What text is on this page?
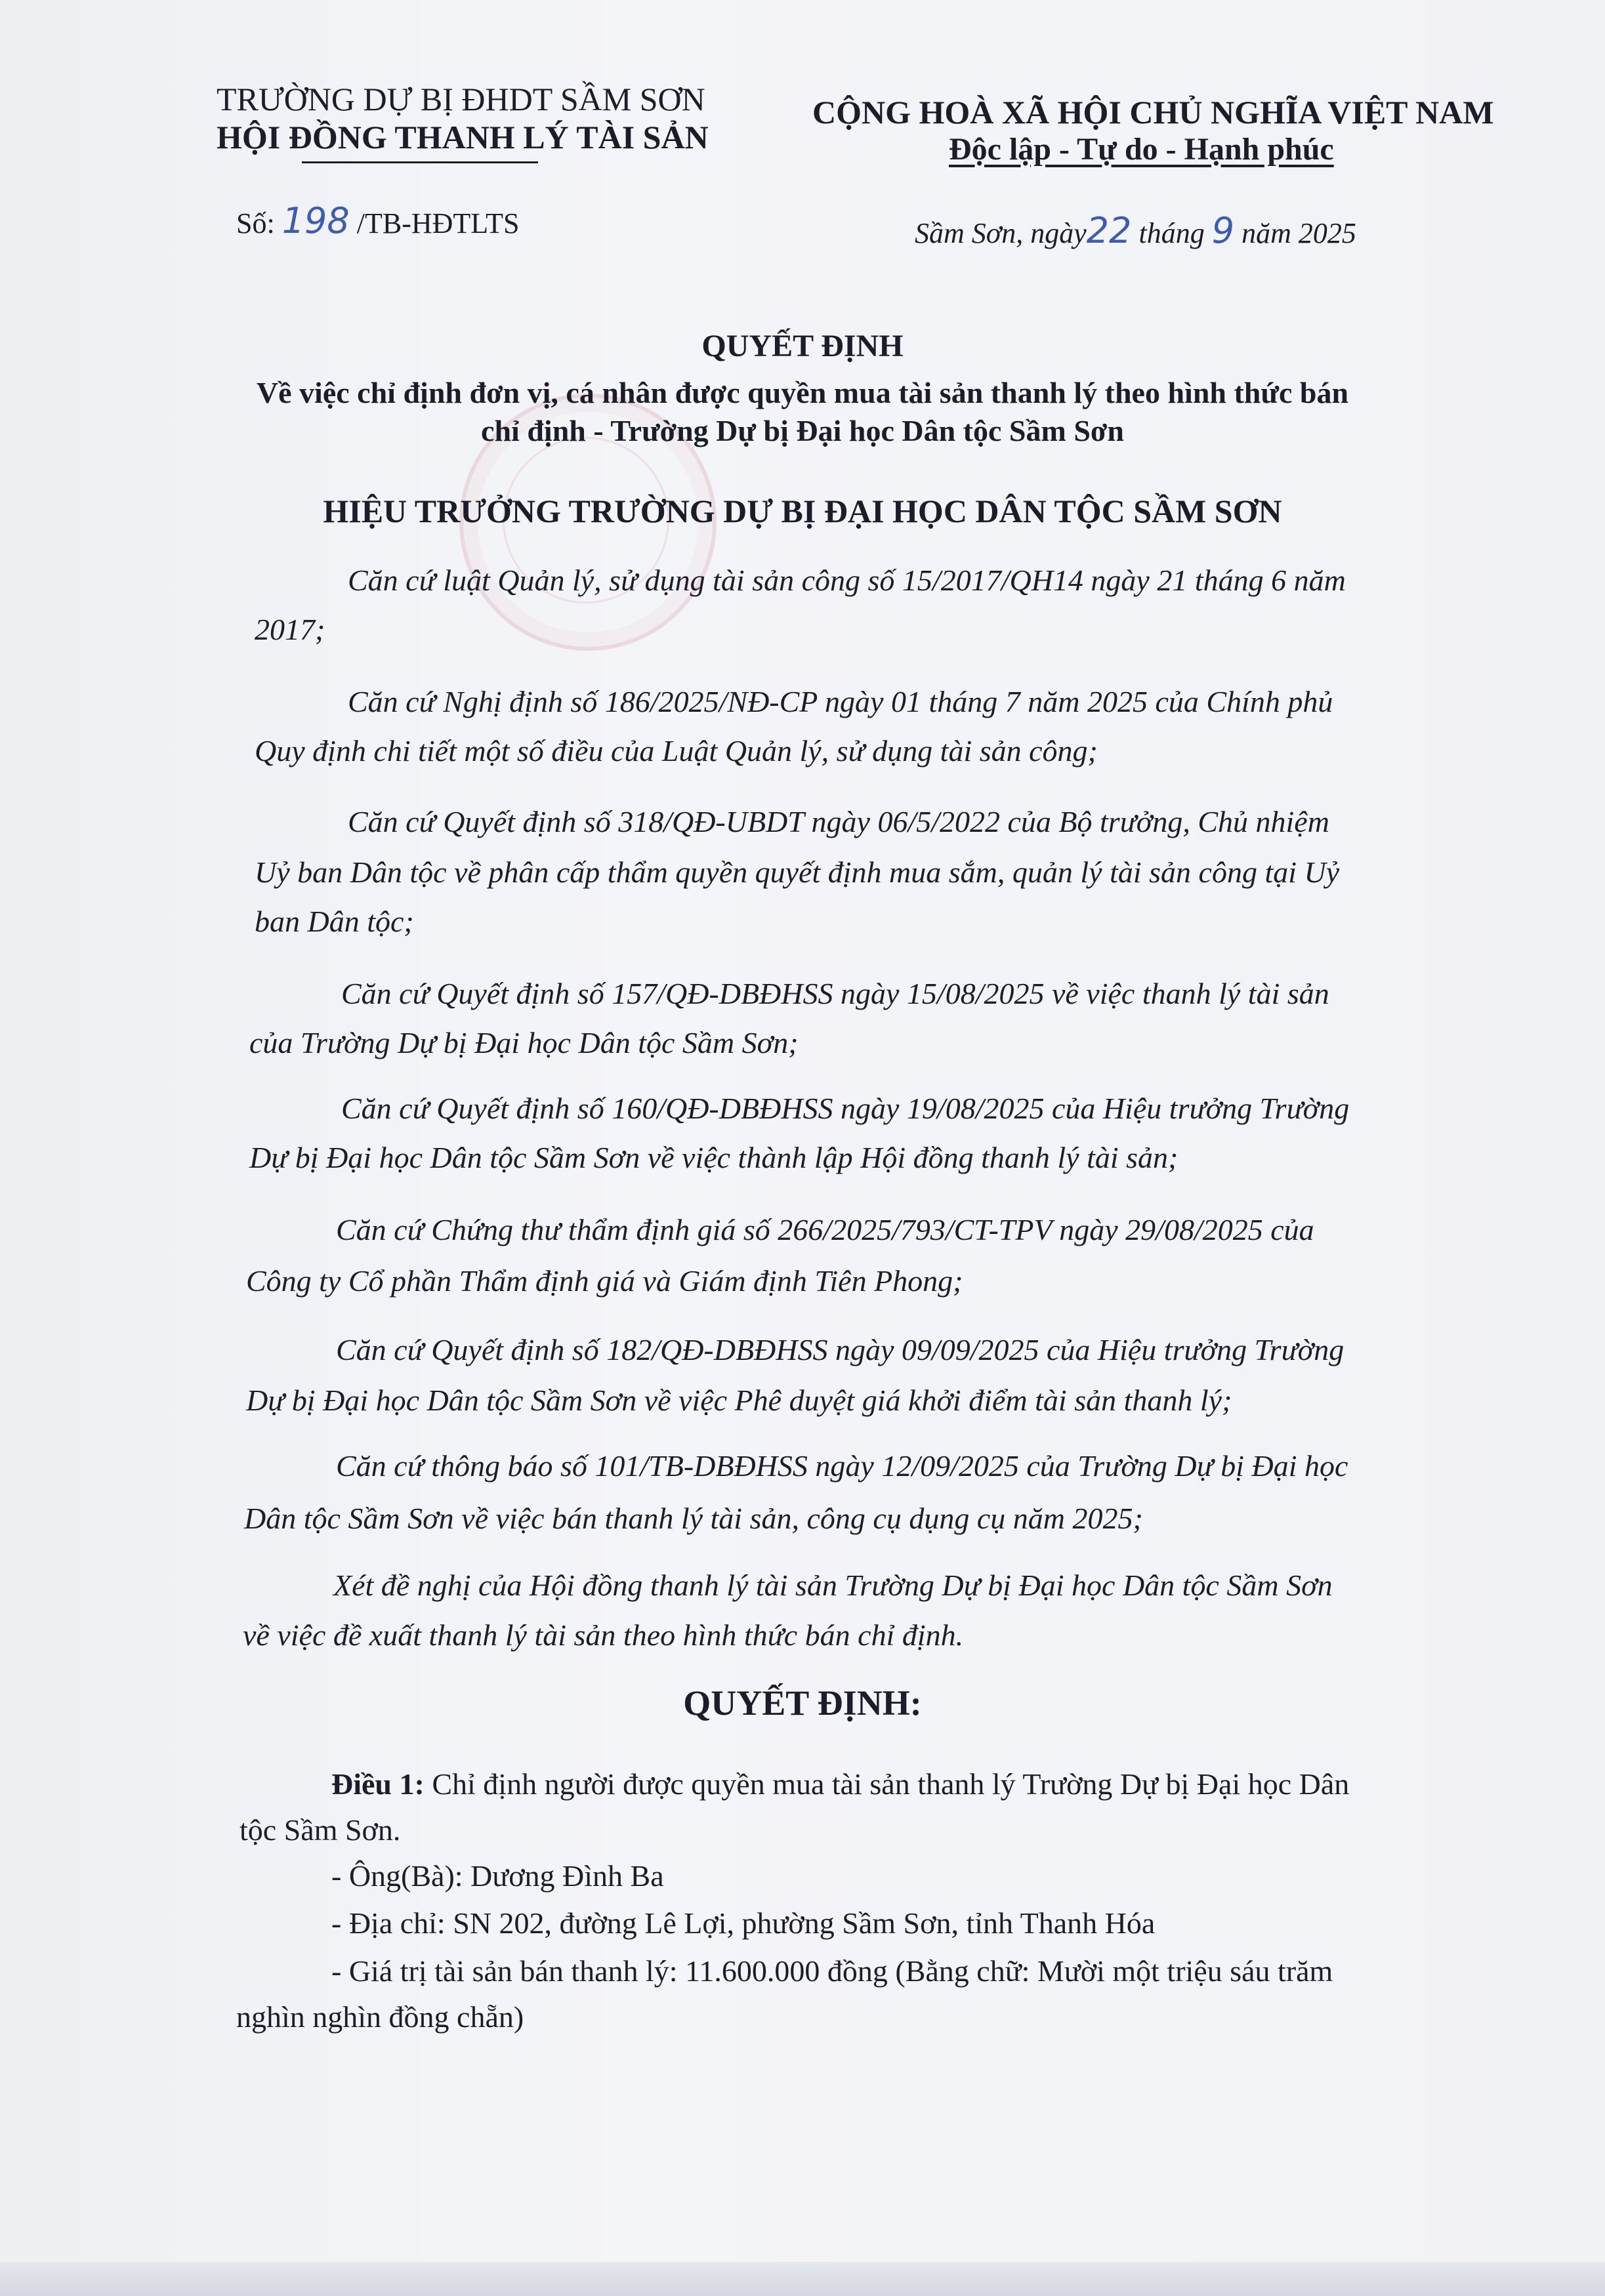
TRƯỜNG DỰ BỊ ĐHDT SẦM SƠN
HỘI ĐỒNG THANH LÝ TÀI SẢN
CỘNG HOÀ XÃ HỘI CHỦ NGHĨA VIỆT NAM
Độc lập - Tự do - Hạnh phúc
Số: 198 /TB-HĐTLTS	Sầm Sơn, ngày22 tháng 9 năm 2025
QUYẾT ĐỊNH
Về việc chỉ định đơn vị, cá nhân được quyền mua tài sản thanh lý theo hình thức bán
chỉ định - Trường Dự bị Đại học Dân tộc Sầm Sơn
HIỆU TRƯỞNG TRƯỜNG DỰ BỊ ĐẠI HỌC DÂN TỘC SẦM SƠN
Căn cứ luật Quản lý, sử dụng tài sản công số 15/2017/QH14 ngày 21 tháng 6 năm
2017;
Căn cứ Nghị định số 186/2025/NĐ-CP ngày 01 tháng 7 năm 2025 của Chính phủ
Quy định chi tiết một số điều của Luật Quản lý, sử dụng tài sản công;
Căn cứ Quyết định số 318/QĐ-UBDT ngày 06/5/2022 của Bộ trưởng, Chủ nhiệm
Uỷ ban Dân tộc về phân cấp thẩm quyền quyết định mua sắm, quản lý tài sản công tại Uỷ
ban Dân tộc;
Căn cứ Quyết định số 157/QĐ-DBĐHSS ngày 15/08/2025 về việc thanh lý tài sản
của Trường Dự bị Đại học Dân tộc Sầm Sơn;
Căn cứ Quyết định số 160/QĐ-DBĐHSS ngày 19/08/2025 của Hiệu trưởng Trường
Dự bị Đại học Dân tộc Sầm Sơn về việc thành lập Hội đồng thanh lý tài sản;
Căn cứ Chứng thư thẩm định giá số 266/2025/793/CT-TPV ngày 29/08/2025 của
Công ty Cổ phần Thẩm định giá và Giám định Tiên Phong;
Căn cứ Quyết định số 182/QĐ-DBĐHSS ngày 09/09/2025 của Hiệu trưởng Trường
Dự bị Đại học Dân tộc Sầm Sơn về việc Phê duyệt giá khởi điểm tài sản thanh lý;
Căn cứ thông báo số 101/TB-DBĐHSS ngày 12/09/2025 của Trường Dự bị Đại học
Dân tộc Sầm Sơn về việc bán thanh lý tài sản, công cụ dụng cụ năm 2025;
Xét đề nghị của Hội đồng thanh lý tài sản Trường Dự bị Đại học Dân tộc Sầm Sơn
về việc đề xuất thanh lý tài sản theo hình thức bán chỉ định.
QUYẾT ĐỊNH:
Điều 1: Chỉ định người được quyền mua tài sản thanh lý Trường Dự bị Đại học Dân
tộc Sầm Sơn.
- Ông(Bà): Dương Đình Ba
- Địa chỉ: SN 202, đường Lê Lợi, phường Sầm Sơn, tỉnh Thanh Hóa
- Giá trị tài sản bán thanh lý: 11.600.000 đồng (Bằng chữ: Mười một triệu sáu trăm
nghìn nghìn đồng chẵn)
